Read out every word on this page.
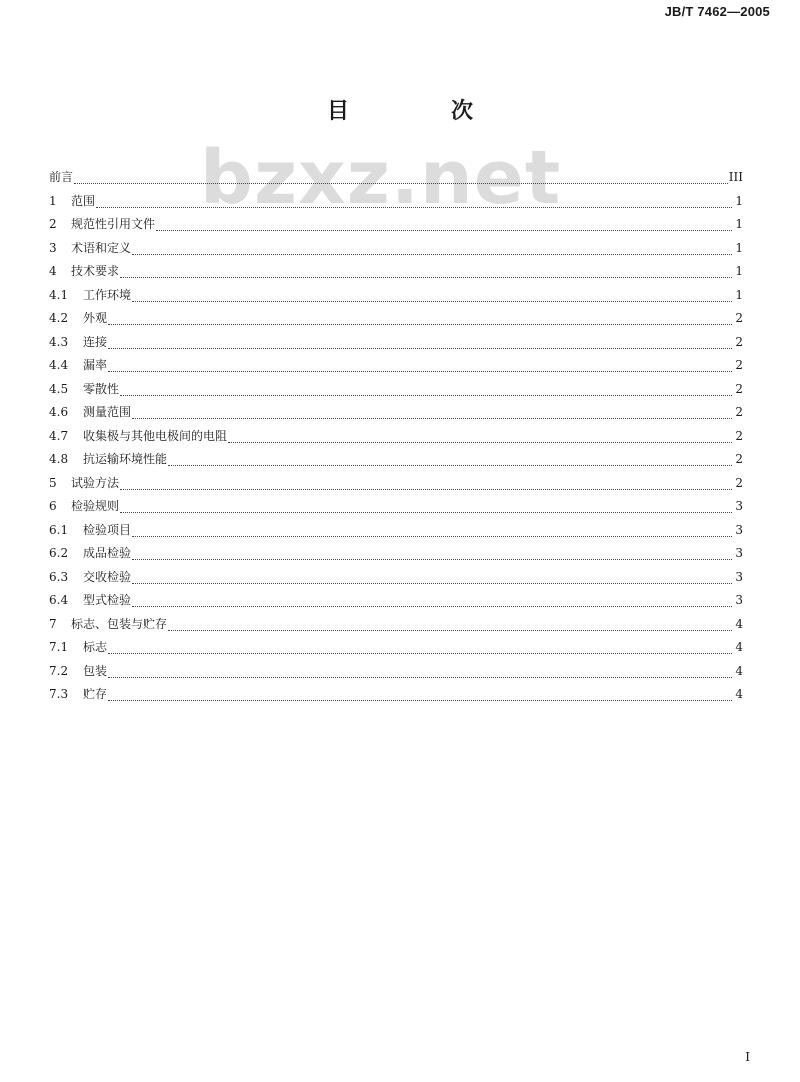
JB/T 7462—2005
目　次
bzxz.net
前言	III
1	范围	1
2	规范性引用文件	1
3	术语和定义	1
4	技术要求	1
4.1	工作环境	1
4.2	外观	2
4.3	连接	2
4.4	漏率	2
4.5	零散性	2
4.6	测量范围	2
4.7	收集极与其他电极间的电阻	2
4.8	抗运输环境性能	2
5	试验方法	2
6	检验规则	3
6.1	检验项目	3
6.2	成品检验	3
6.3	交收检验	3
6.4	型式检验	3
7	标志、包装与贮存	4
7.1	标志	4
7.2	包装	4
7.3	贮存	4
I
